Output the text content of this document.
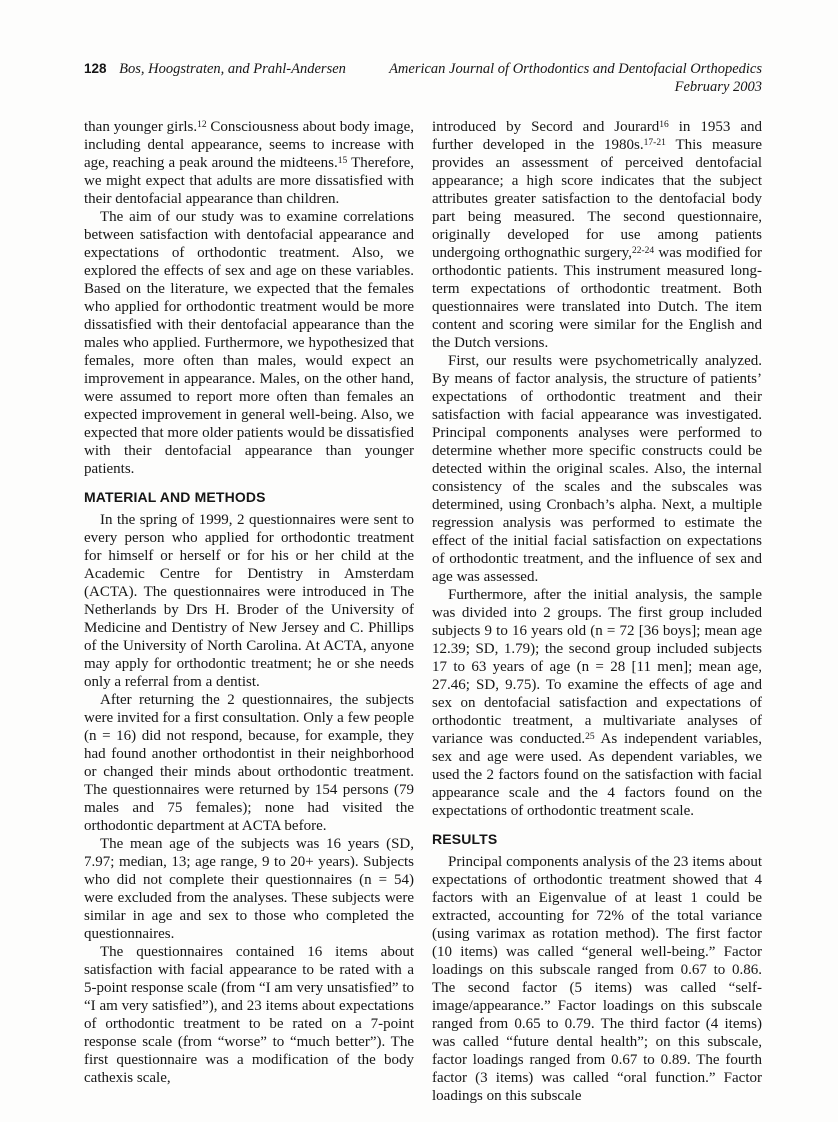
128 Bos, Hoogstraten, and Prahl-Andersen	American Journal of Orthodontics and Dentofacial Orthopedics
February 2003

than younger girls.$^{12}$ Consciousness about body image, including dental appearance, seems to increase with age, reaching a peak around the midteens.$^{15}$ Therefore, we might expect that adults are more dissatisfied with their dentofacial appearance than children.

The aim of our study was to examine correlations between satisfaction with dentofacial appearance and expectations of orthodontic treatment. Also, we explored the effects of sex and age on these variables. Based on the literature, we expected that the females who applied for orthodontic treatment would be more dissatisfied with their dentofacial appearance than the males who applied. Furthermore, we hypothesized that females, more often than males, would expect an improvement in appearance. Males, on the other hand, were assumed to report more often than females an expected improvement in general well-being. Also, we expected that more older patients would be dissatisfied with their dentofacial appearance than younger patients.

MATERIAL AND METHODS

In the spring of 1999, 2 questionnaires were sent to every person who applied for orthodontic treatment for himself or herself or for his or her child at the Academic Centre for Dentistry in Amsterdam (ACTA). The questionnaires were introduced in The Netherlands by Drs H. Broder of the University of Medicine and Dentistry of New Jersey and C. Phillips of the University of North Carolina. At ACTA, anyone may apply for orthodontic treatment; he or she needs only a referral from a dentist.

After returning the 2 questionnaires, the subjects were invited for a first consultation. Only a few people (n = 16) did not respond, because, for example, they had found another orthodontist in their neighborhood or changed their minds about orthodontic treatment. The questionnaires were returned by 154 persons (79 males and 75 females); none had visited the orthodontic department at ACTA before.

The mean age of the subjects was 16 years (SD, 7.97; median, 13; age range, 9 to 20+ years). Subjects who did not complete their questionnaires (n = 54) were excluded from the analyses. These subjects were similar in age and sex to those who completed the questionnaires.

The questionnaires contained 16 items about satisfaction with facial appearance to be rated with a 5-point response scale (from “I am very unsatisfied” to “I am very satisfied”), and 23 items about expectations of orthodontic treatment to be rated on a 7-point response scale (from “worse” to “much better”). The first questionnaire was a modification of the body cathexis scale,

introduced by Secord and Jourard$^{16}$ in 1953 and further developed in the 1980s.$^{17-21}$ This measure provides an assessment of perceived dentofacial appearance; a high score indicates that the subject attributes greater satisfaction to the dentofacial body part being measured. The second questionnaire, originally developed for use among patients undergoing orthognathic surgery,$^{22-24}$ was modified for orthodontic patients. This instrument measured long-term expectations of orthodontic treatment. Both questionnaires were translated into Dutch. The item content and scoring were similar for the English and the Dutch versions.

First, our results were psychometrically analyzed. By means of factor analysis, the structure of patients’ expectations of orthodontic treatment and their satisfaction with facial appearance was investigated. Principal components analyses were performed to determine whether more specific constructs could be detected within the original scales. Also, the internal consistency of the scales and the subscales was determined, using Cronbach’s alpha. Next, a multiple regression analysis was performed to estimate the effect of the initial facial satisfaction on expectations of orthodontic treatment, and the influence of sex and age was assessed.

Furthermore, after the initial analysis, the sample was divided into 2 groups. The first group included subjects 9 to 16 years old (n = 72 [36 boys]; mean age 12.39; SD, 1.79); the second group included subjects 17 to 63 years of age (n = 28 [11 men]; mean age, 27.46; SD, 9.75). To examine the effects of age and sex on dentofacial satisfaction and expectations of orthodontic treatment, a multivariate analyses of variance was conducted.$^{25}$ As independent variables, sex and age were used. As dependent variables, we used the 2 factors found on the satisfaction with facial appearance scale and the 4 factors found on the expectations of orthodontic treatment scale.

RESULTS

Principal components analysis of the 23 items about expectations of orthodontic treatment showed that 4 factors with an Eigenvalue of at least 1 could be extracted, accounting for 72% of the total variance (using varimax as rotation method). The first factor (10 items) was called “general well-being.” Factor loadings on this subscale ranged from 0.67 to 0.86. The second factor (5 items) was called “self-image/appearance.” Factor loadings on this subscale ranged from 0.65 to 0.79. The third factor (4 items) was called “future dental health”; on this subscale, factor loadings ranged from 0.67 to 0.89. The fourth factor (3 items) was called “oral function.” Factor loadings on this subscale
